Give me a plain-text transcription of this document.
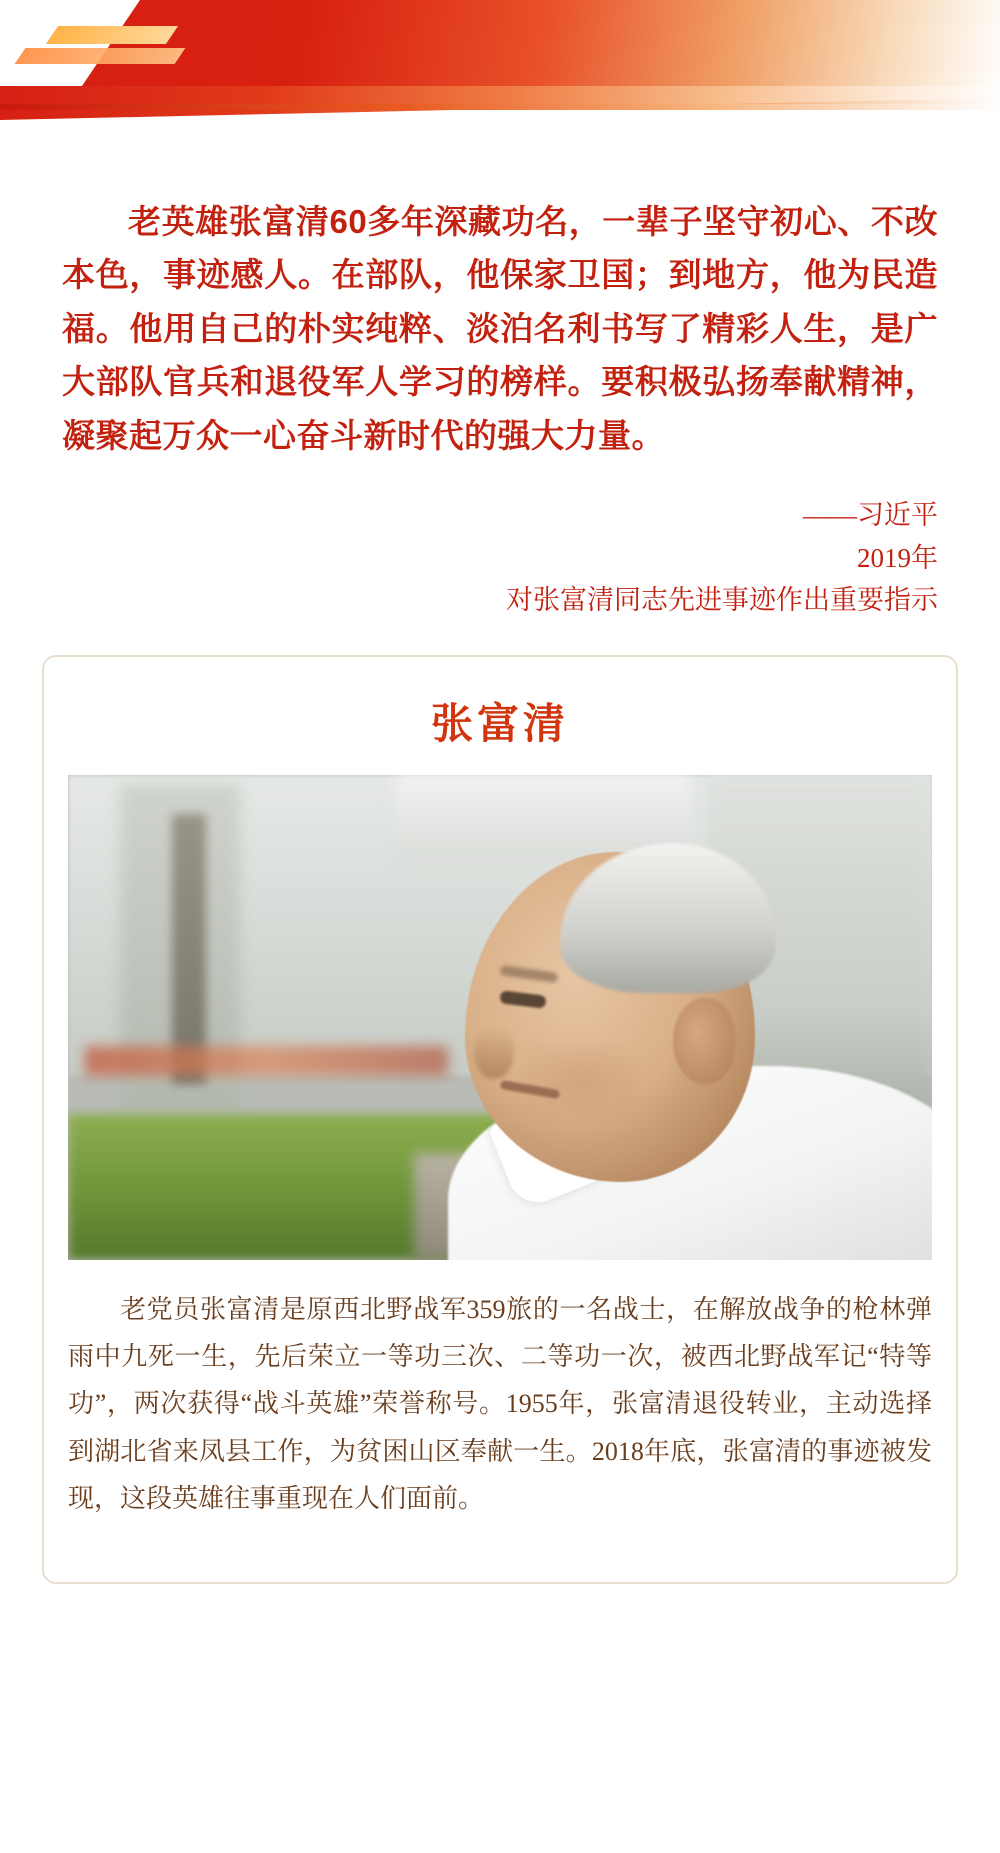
老英雄张富清60多年深藏功名，一辈子坚守初心、不改本色，事迹感人。在部队，他保家卫国；到地方，他为民造福。他用自己的朴实纯粹、淡泊名利书写了精彩人生，是广大部队官兵和退役军人学习的榜样。要积极弘扬奉献精神，凝聚起万众一心奋斗新时代的强大力量。

——习近平
2019年
对张富清同志先进事迹作出重要指示
张富清

老党员张富清是原西北野战军359旅的一名战士，在解放战争的枪林弹雨中九死一生，先后荣立一等功三次、二等功一次，被西北野战军记“特等功”，两次获得“战斗英雄”荣誉称号。1955年，张富清退役转业，主动选择到湖北省来凤县工作，为贫困山区奉献一生。2018年底，张富清的事迹被发现，这段英雄往事重现在人们面前。
